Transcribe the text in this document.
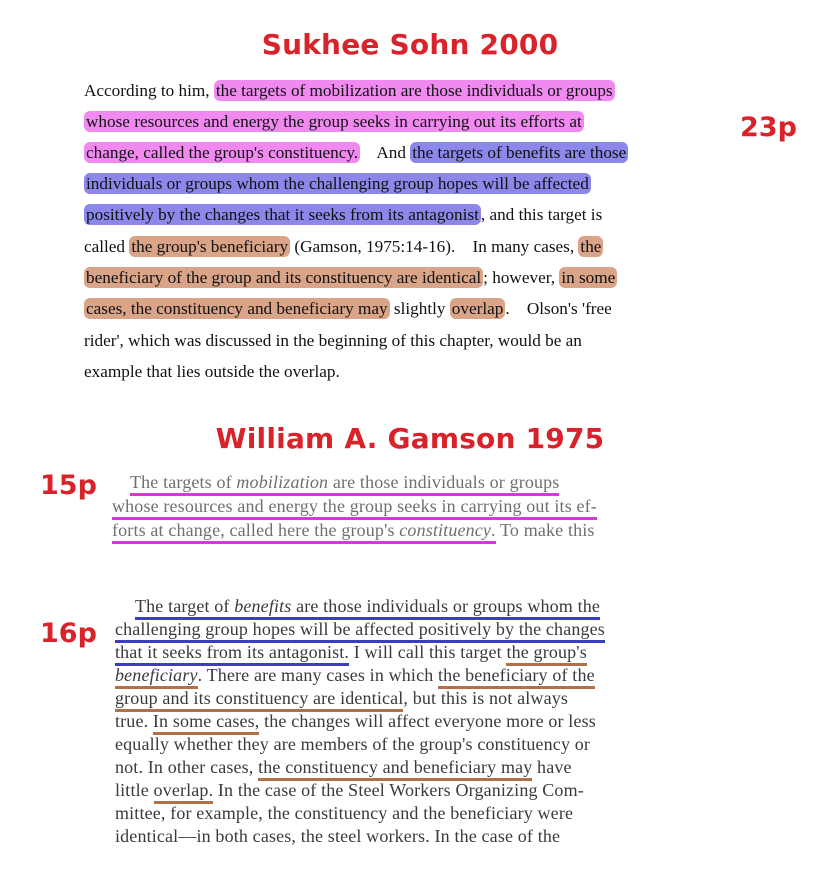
Sukhee Sohn 2000
William A. Gamson 1975
23p
15p
16p
According to him, the targets of mobilization are those individuals or groups
whose resources and energy the group seeks in carrying out its efforts at
change, called the group's constituency.    And the targets of benefits are those
individuals or groups whom the challenging group hopes will be affected
positively by the changes that it seeks from its antagonist , and this target is
called the group's beneficiary (Gamson, 1975:14-16).    In many cases, the
beneficiary of the group and its constituency are identical ; however, in some
cases, the constituency and beneficiary may slightly overlap .    Olson's 'free
rider', which was discussed in the beginning of this chapter, would be an
example that lies outside the overlap.
The targets of mobilization are those individuals or groups
whose resources and energy the group seeks in carrying out its ef-
forts at change, called here the group's constituency. To make this
The target of benefits are those individuals or groups whom the
challenging group hopes will be affected positively by the changes
that it seeks from its antagonist. I will call this target the group's
beneficiary. There are many cases in which the beneficiary of the
group and its constituency are identical, but this is not always
true. In some cases, the changes will affect everyone more or less
equally whether they are members of the group's constituency or
not. In other cases, the constituency and beneficiary may have
little overlap. In the case of the Steel Workers Organizing Com-
mittee, for example, the constituency and the beneficiary were
identical—in both cases, the steel workers. In the case of the
